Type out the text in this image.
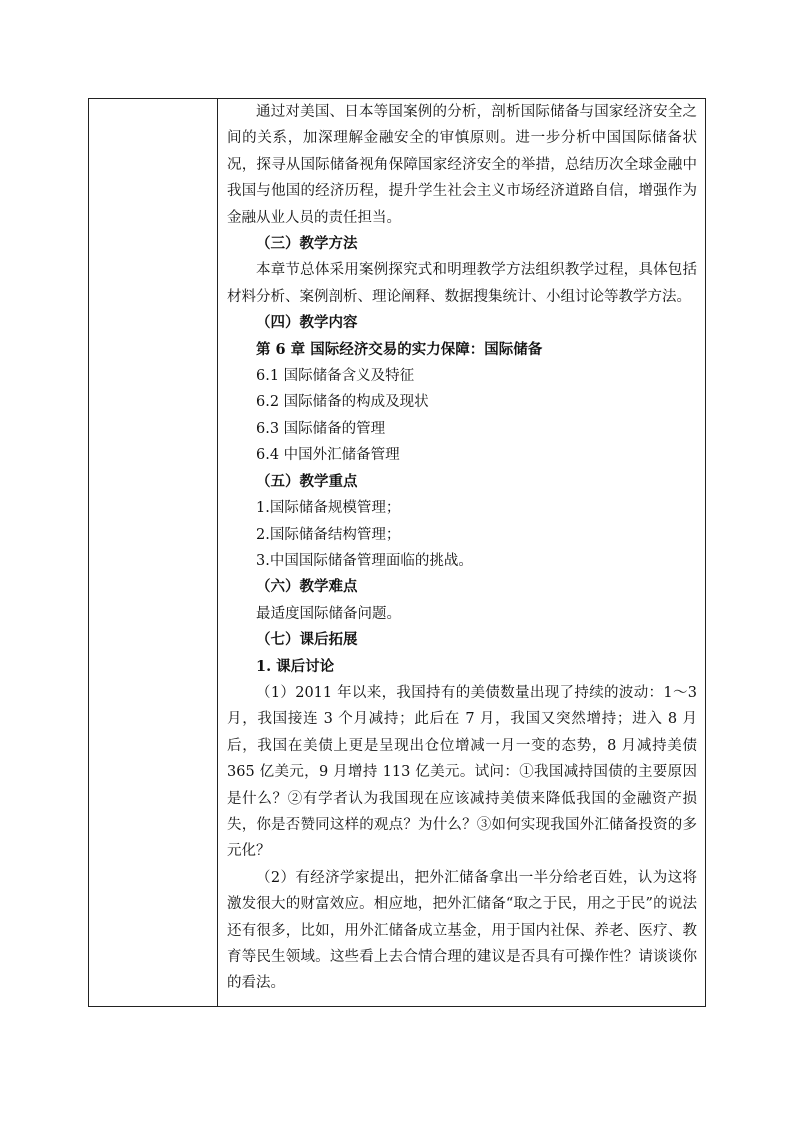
通过对美国、日本等国案例的分析，剖析国际储备与国家经济安全之间的关系，加深理解金融安全的审慎原则。进一步分析中国国际储备状况，探寻从国际储备视角保障国家经济安全的举措，总结历次全球金融中我国与他国的经济历程，提升学生社会主义市场经济道路自信，增强作为金融从业人员的责任担当。

（三）教学方法

本章节总体采用案例探究式和明理教学方法组织教学过程，具体包括材料分析、案例剖析、理论阐释、数据搜集统计、小组讨论等教学方法。

（四）教学内容

第 6 章 国际经济交易的实力保障：国际储备

6.1 国际储备含义及特征

6.2 国际储备的构成及现状

6.3 国际储备的管理

6.4 中国外汇储备管理

（五）教学重点

1.国际储备规模管理；

2.国际储备结构管理；

3.中国国际储备管理面临的挑战。

（六）教学难点

最适度国际储备问题。

（七）课后拓展

1. 课后讨论

（1）2011 年以来，我国持有的美债数量出现了持续的波动：1～3 月，我国接连 3 个月减持；此后在 7 月，我国又突然增持；进入 8 月后，我国在美债上更是呈现出仓位增减一月一变的态势，8 月减持美债 365 亿美元，9 月增持 113 亿美元。试问：①我国减持国债的主要原因是什么？②有学者认为我国现在应该减持美债来降低我国的金融资产损失，你是否赞同这样的观点？为什么？③如何实现我国外汇储备投资的多元化？

（2）有经济学家提出，把外汇储备拿出一半分给老百姓，认为这将激发很大的财富效应。相应地，把外汇储备“取之于民，用之于民”的说法还有很多，比如，用外汇储备成立基金，用于国内社保、养老、医疗、教育等民生领域。这些看上去合情合理的建议是否具有可操作性？请谈谈你的看法。
